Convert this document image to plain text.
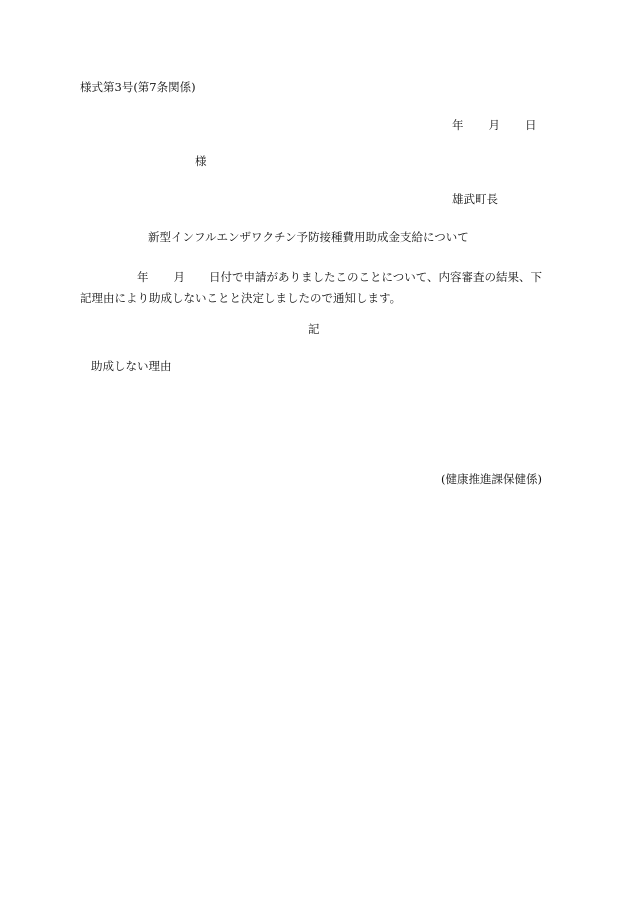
様式第3号(第7条関係)
年 月 日
様
雄武町長
新型インフルエンザワクチン予防接種費用助成金支給について
年 月 日付で申請がありましたこのことについて、内容審査の結果、下記理由により助成しないことと決定しましたので通知します。
記
助成しない理由
(健康推進課保健係)
